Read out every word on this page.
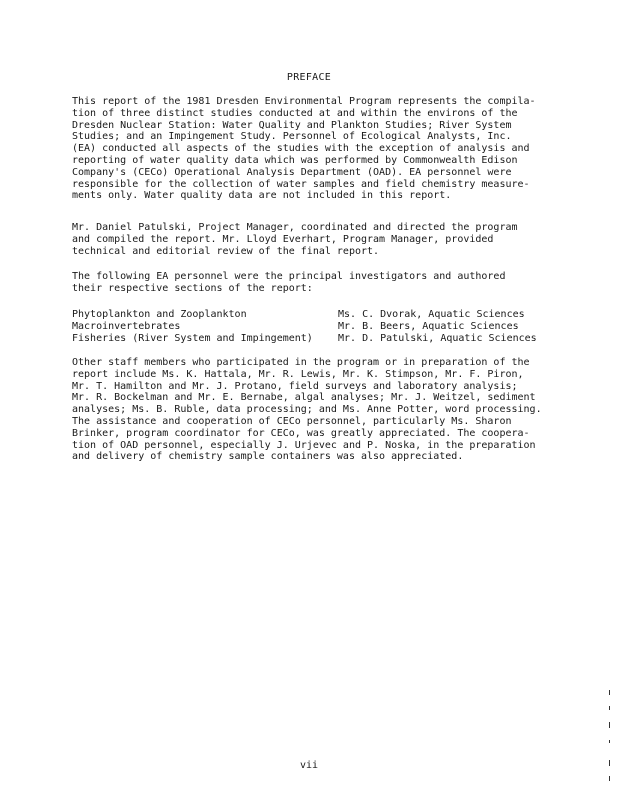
PREFACE

This report of the 1981 Dresden Environmental Program represents the compila-
tion of three distinct studies conducted at and within the environs of the
Dresden Nuclear Station: Water Quality and Plankton Studies; River System
Studies; and an Impingement Study. Personnel of Ecological Analysts, Inc.
(EA) conducted all aspects of the studies with the exception of analysis and
reporting of water quality data which was performed by Commonwealth Edison
Company's (CECo) Operational Analysis Department (OAD). EA personnel were
responsible for the collection of water samples and field chemistry measure-
ments only. Water quality data are not included in this report.

Mr. Daniel Patulski, Project Manager, coordinated and directed the program
and compiled the report. Mr. Lloyd Everhart, Program Manager, provided
technical and editorial review of the final report.

The following EA personnel were the principal investigators and authored
their respective sections of the report:

Phytoplankton and Zooplankton	Ms. C. Dvorak, Aquatic Sciences
Macroinvertebrates	Mr. B. Beers, Aquatic Sciences
Fisheries (River System and Impingement)	Mr. D. Patulski, Aquatic Sciences

Other staff members who participated in the program or in preparation of the
report include Ms. K. Hattala, Mr. R. Lewis, Mr. K. Stimpson, Mr. F. Piron,
Mr. T. Hamilton and Mr. J. Protano, field surveys and laboratory analysis;
Mr. R. Bockelman and Mr. E. Bernabe, algal analyses; Mr. J. Weitzel, sediment
analyses; Ms. B. Ruble, data processing; and Ms. Anne Potter, word processing.
The assistance and cooperation of CECo personnel, particularly Ms. Sharon
Brinker, program coordinator for CECo, was greatly appreciated. The coopera-
tion of OAD personnel, especially J. Urjevec and P. Noska, in the preparation
and delivery of chemistry sample containers was also appreciated.

vii
